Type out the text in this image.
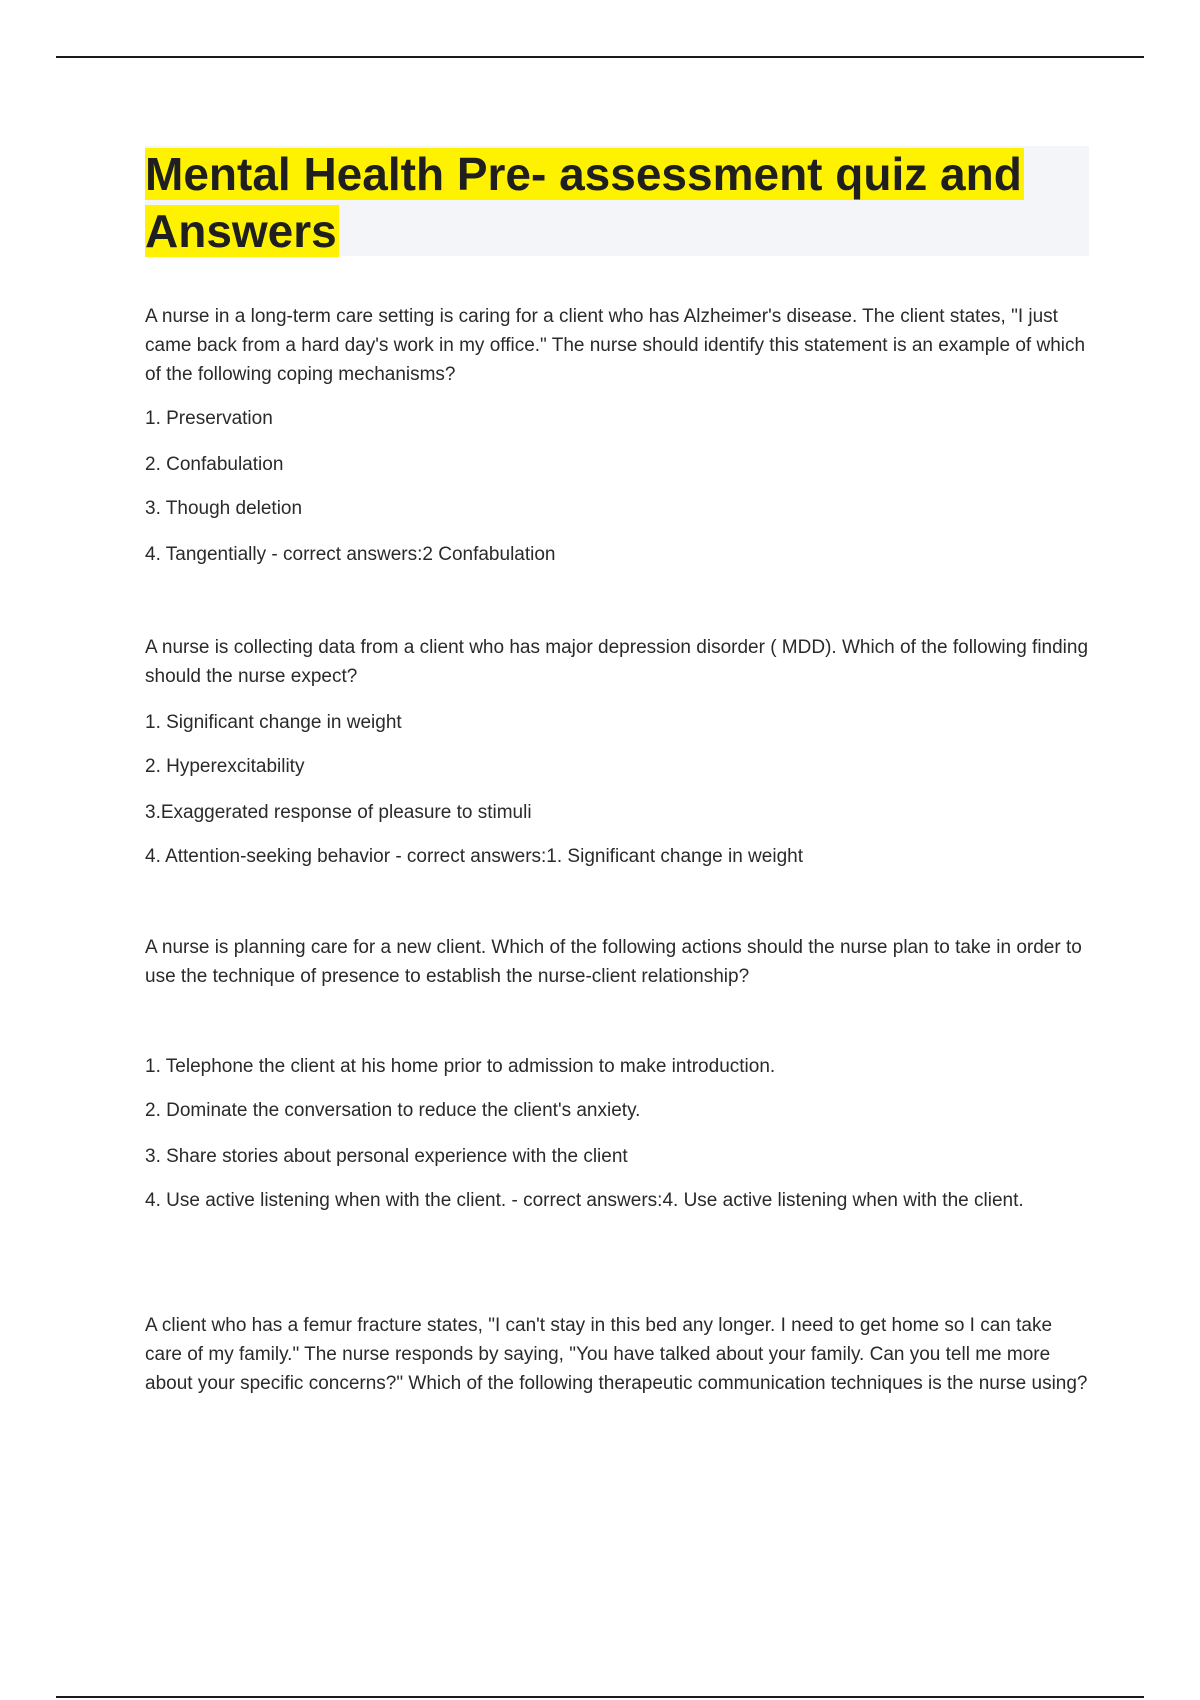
Mental Health Pre- assessment quiz and Answers

A nurse in a long-term care setting is caring for a client who has Alzheimer's disease. The client states, "I just came back from a hard day's work in my office." The nurse should identify this statement is an example of which of the following coping mechanisms?

1. Preservation

2. Confabulation

3. Though deletion

4. Tangentially - correct answers:2 Confabulation

A nurse is collecting data from a client who has major depression disorder ( MDD). Which of the following finding should the nurse expect?

1. Significant change in weight

2. Hyperexcitability

3.Exaggerated response of pleasure to stimuli

4. Attention-seeking behavior - correct answers:1. Significant change in weight

A nurse is planning care for a new client. Which of the following actions should the nurse plan to take in order to use the technique of presence to establish the nurse-client relationship?

1. Telephone the client at his home prior to admission to make introduction.

2. Dominate the conversation to reduce the client's anxiety.

3. Share stories about personal experience with the client

4. Use active listening when with the client. - correct answers:4. Use active listening when with the client.

A client who has a femur fracture states, "I can't stay in this bed any longer. I need to get home so I can take care of my family." The nurse responds by saying, "You have talked about your family. Can you tell me more about your specific concerns?" Which of the following therapeutic communication techniques is the nurse using?
